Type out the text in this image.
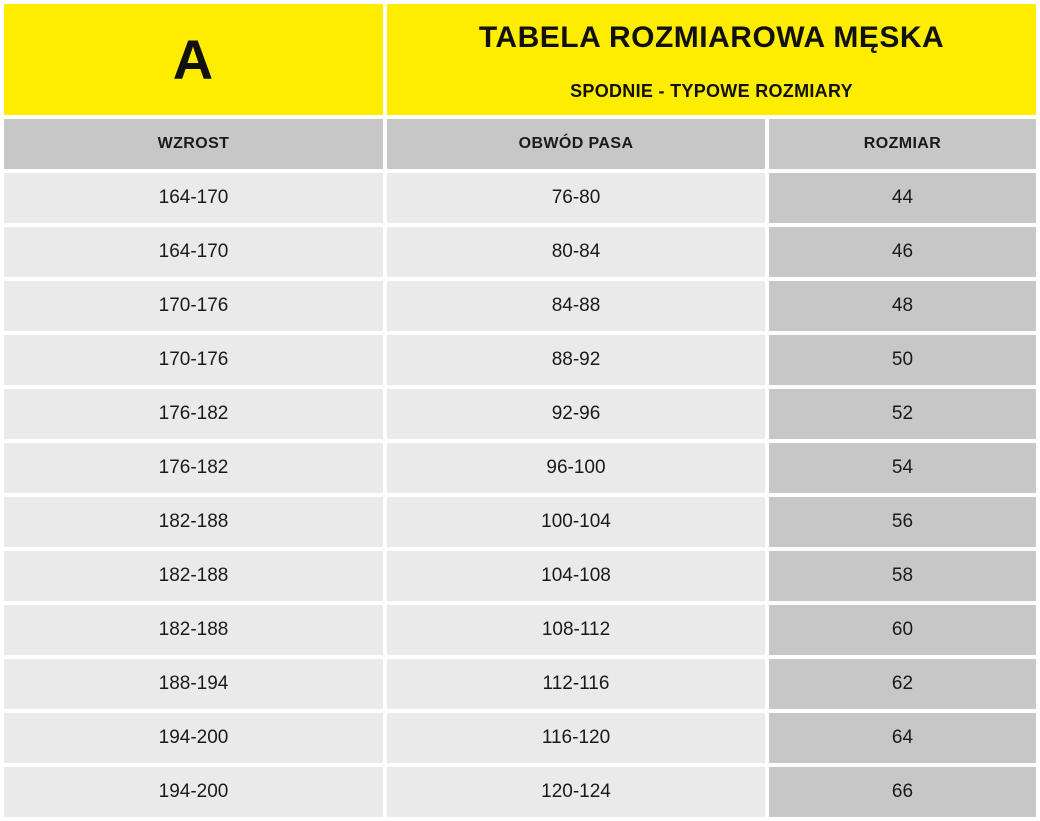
A	TABELA ROZMIAROWA MĘSKA
SPODNIE - TYPOWE ROZMIARY
WZROST	OBWÓD PASA	ROZMIAR
164-170	76-80	44
164-170	80-84	46
170-176	84-88	48
170-176	88-92	50
176-182	92-96	52
176-182	96-100	54
182-188	100-104	56
182-188	104-108	58
182-188	108-112	60
188-194	112-116	62
194-200	116-120	64
194-200	120-124	66
